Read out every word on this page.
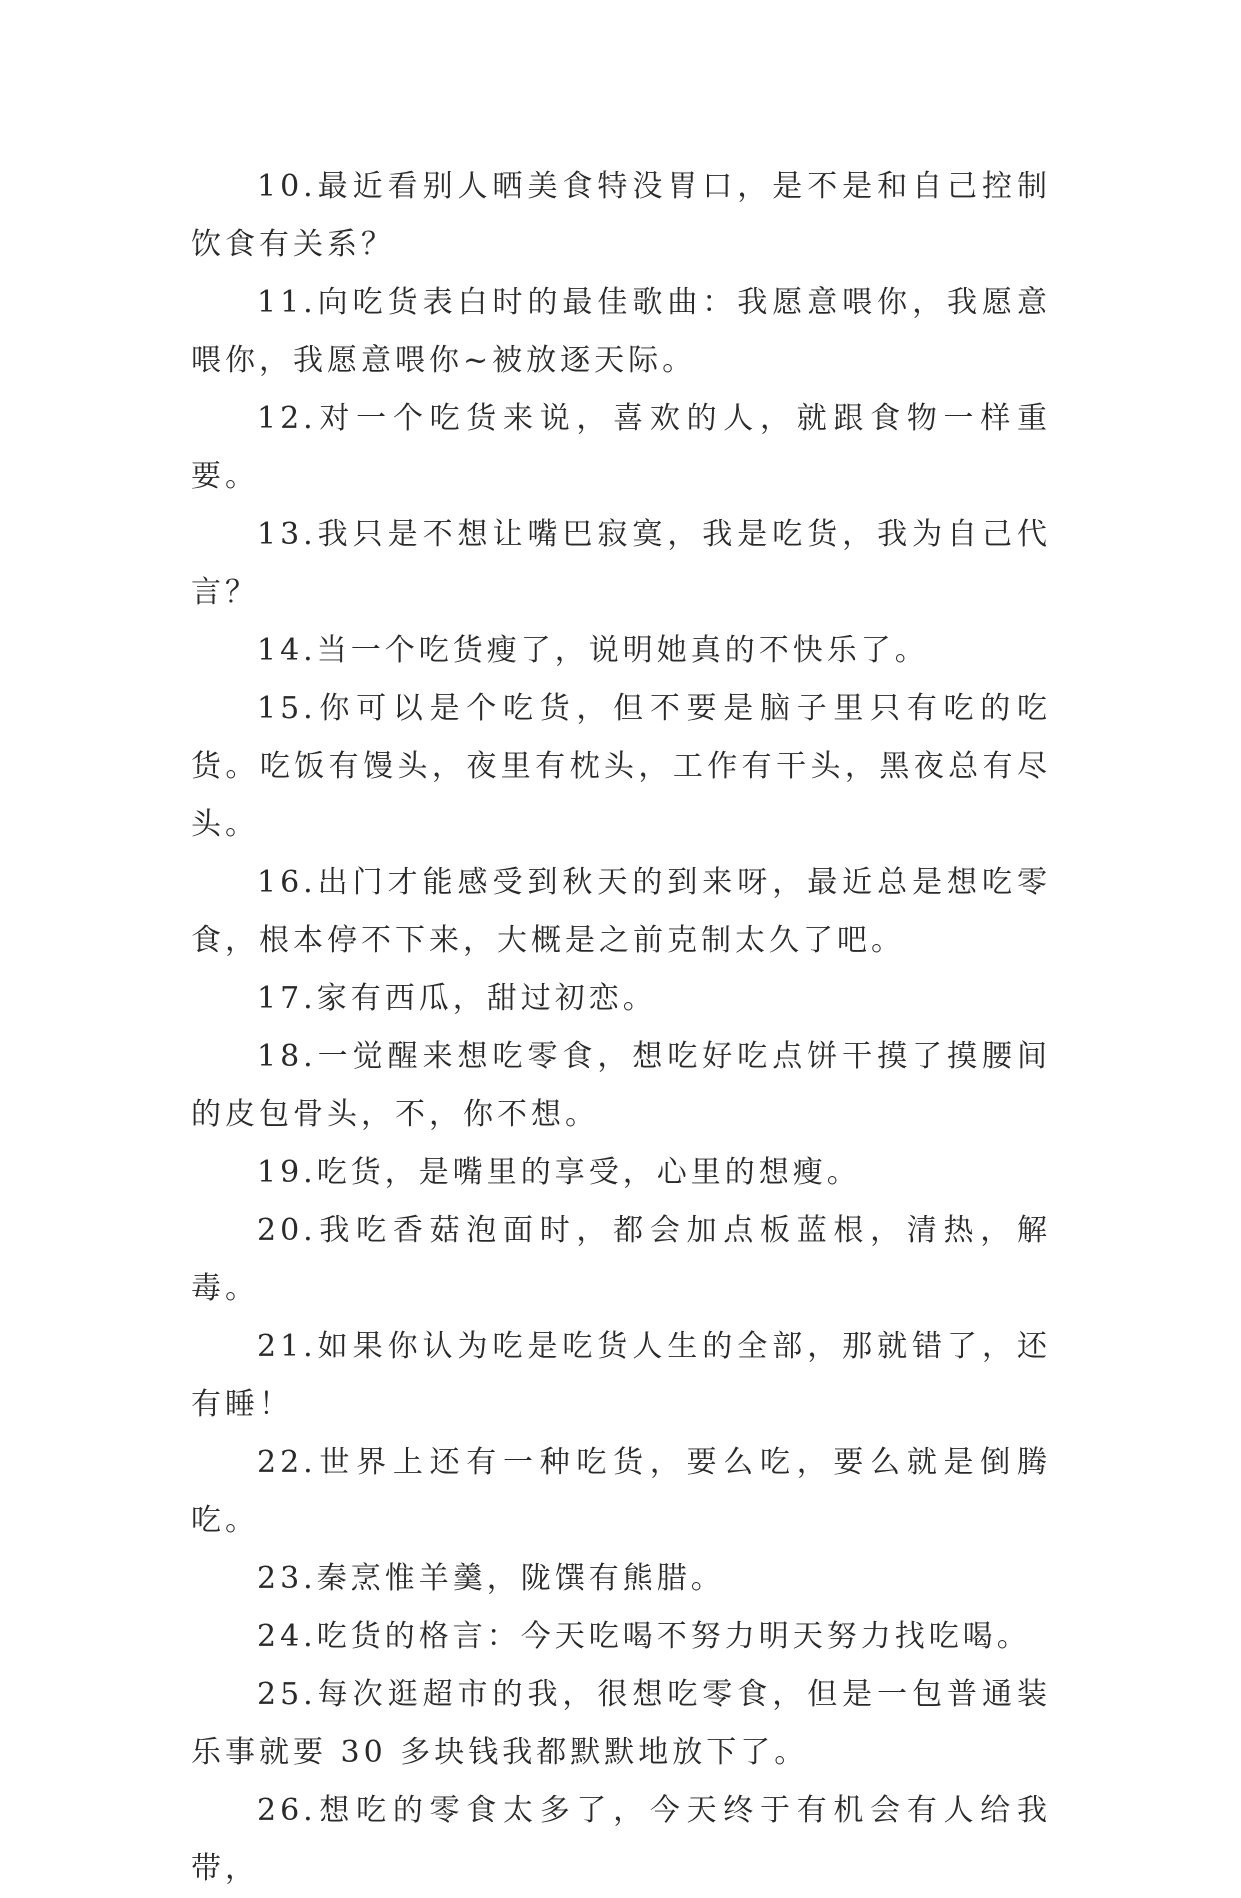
10.最近看别人晒美食特没胃口，是不是和自己控制饮食有关系？

11.向吃货表白时的最佳歌曲：我愿意喂你，我愿意喂你，我愿意喂你~被放逐天际。

12.对一个吃货来说，喜欢的人，就跟食物一样重要。

13.我只是不想让嘴巴寂寞，我是吃货，我为自己代言？

14.当一个吃货瘦了，说明她真的不快乐了。

15.你可以是个吃货，但不要是脑子里只有吃的吃货。吃饭有馒头，夜里有枕头，工作有干头，黑夜总有尽头。

16.出门才能感受到秋天的到来呀，最近总是想吃零食，根本停不下来，大概是之前克制太久了吧。

17.家有西瓜，甜过初恋。

18.一觉醒来想吃零食，想吃好吃点饼干摸了摸腰间的皮包骨头，不，你不想。

19.吃货，是嘴里的享受，心里的想瘦。

20.我吃香菇泡面时，都会加点板蓝根，清热，解毒。

21.如果你认为吃是吃货人生的全部，那就错了，还有睡！

22.世界上还有一种吃货，要么吃，要么就是倒腾吃。

23.秦烹惟羊羹，陇馔有熊腊。

24.吃货的格言：今天吃喝不努力明天努力找吃喝。

25.每次逛超市的我，很想吃零食，但是一包普通装乐事就要 30 多块钱我都默默地放下了。

26.想吃的零食太多了，今天终于有机会有人给我带，
